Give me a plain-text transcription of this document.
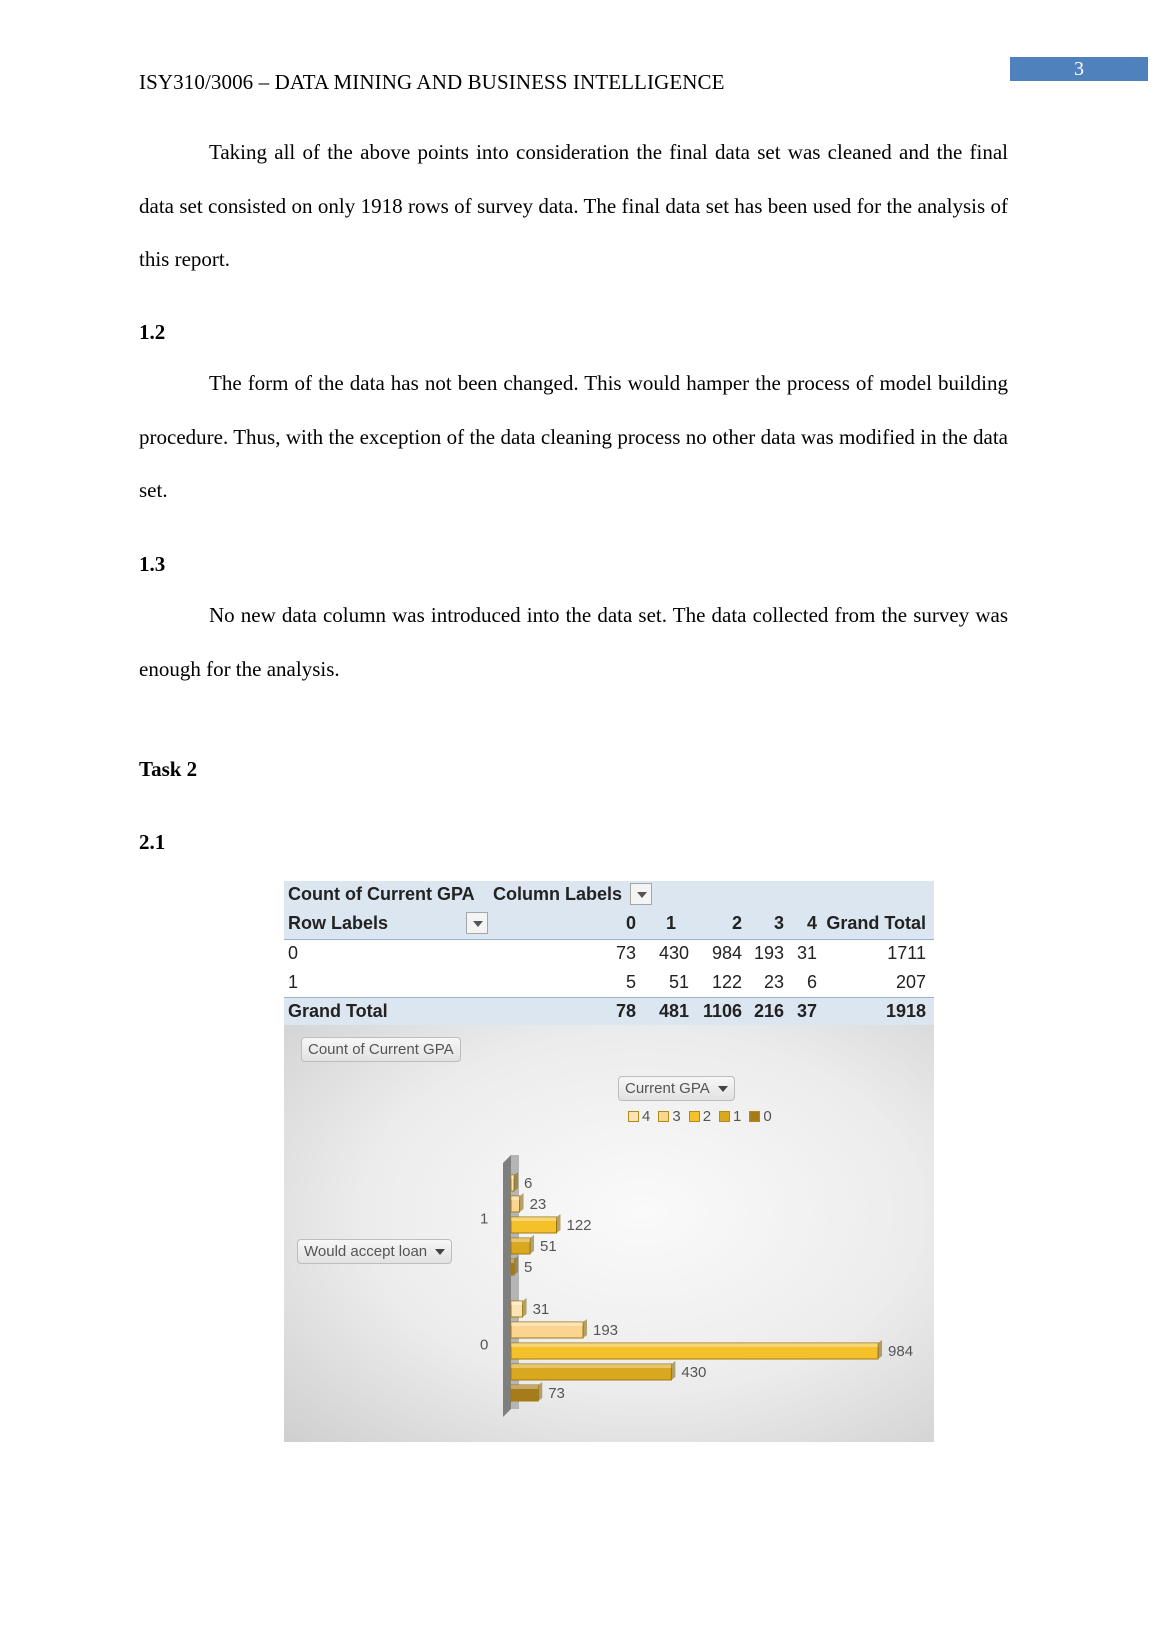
3
ISY310/3006 – DATA MINING AND BUSINESS INTELLIGENCE
Taking all of the above points into consideration the final data set was cleaned and the final data set consisted on only 1918 rows of survey data. The final data set has been used for the analysis of this report.
1.2
The form of the data has not been changed. This would hamper the process of model building procedure. Thus, with the exception of the data cleaning process no other data was modified in the data set.
1.3
No new data column was introduced into the data set. The data collected from the survey was enough for the analysis.
Task 2
2.1
Count of Current GPA Column Labels
Row Labels	0 1	2 3 4 Grand Total
0	73 430 984 193 31	1711
1	5 51 122 23 6	207
Grand Total	78 481 1106 216 37	1918
Count of Current GPA
Current GPA
Would accept loan
4 3 2 1 0
6
23
122
51
5
1
31
193
984
430
73
0
